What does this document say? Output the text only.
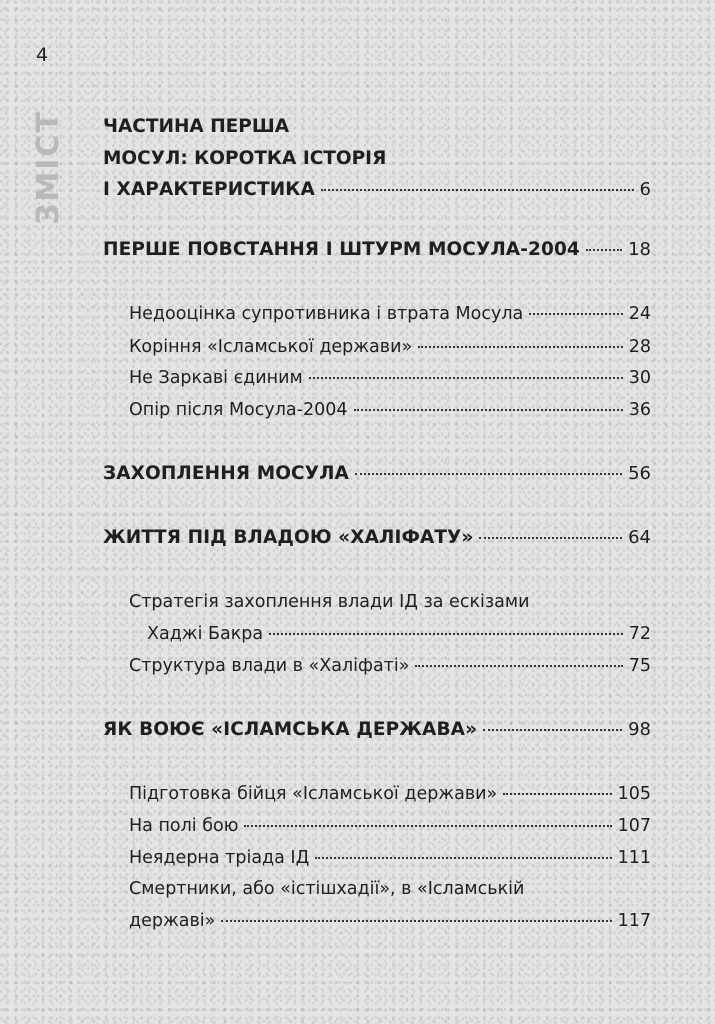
4
ЗМІСТ ЧАСТИНА ПЕРША
МОСУЛ: КОРОТКА ІСТОРІЯ
І ХАРАКТЕРИСТИКА	6
ПЕРШЕ ПОВСТАННЯ І ШТУРМ МОСУЛА-2004	18
Недооцінка супротивника і втрата Мосула	24
Коріння «Ісламської держави»	28
Не Заркаві єдиним	30
Опір після Мосула-2004	36
ЗАХОПЛЕННЯ МОСУЛА	56
ЖИТТЯ ПІД ВЛАДОЮ «ХАЛІФАТУ»	64
Стратегія захоплення влади ІД за ескізами
Хаджі Бакра	72
Структура влади в «Халіфаті»	75
ЯК ВОЮЄ «ІСЛАМСЬКА ДЕРЖАВА»	98
Підготовка бійця «Ісламської держави»	105
На полі бою	107
Неядерна тріада ІД	111
Смертники, або «істішхадії», в «Ісламській
державі»	117
